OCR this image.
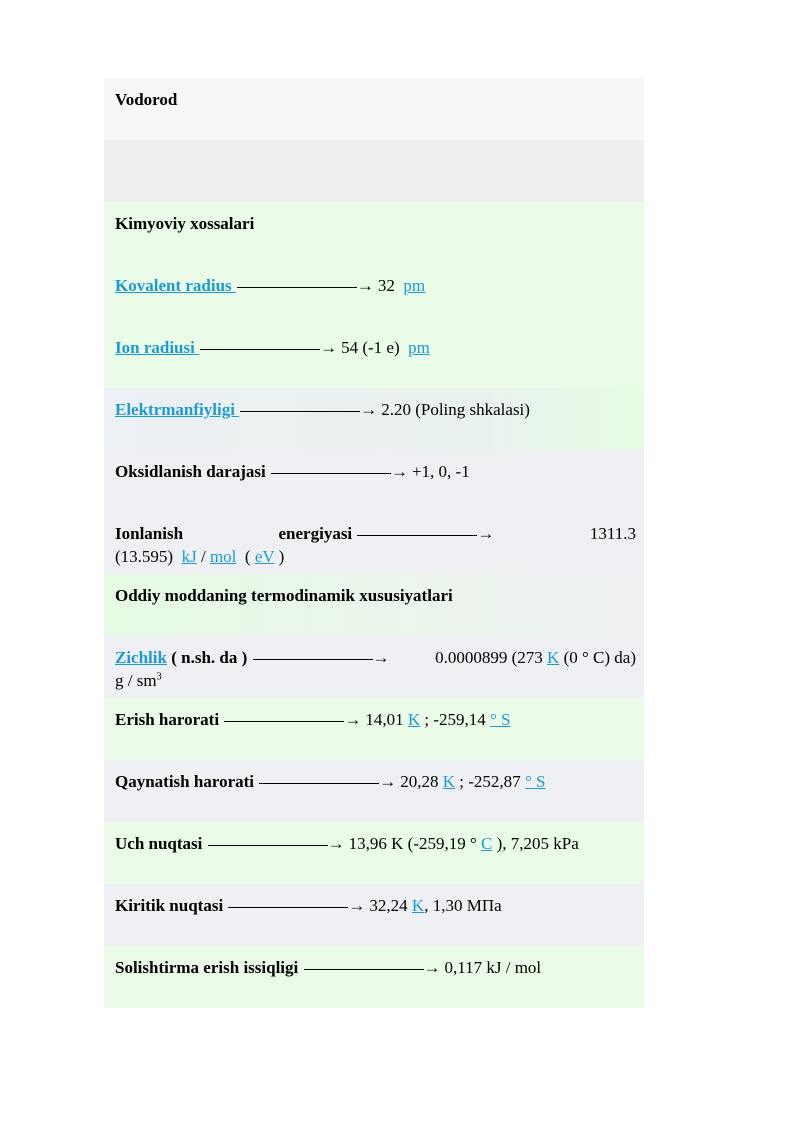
Vodorod
Kimyoviy xossalari
Kovalent radius	→ 32 pm
Ion radiusi	→ 54 (-1 e) pm
Elektrmanfiyligi	→ 2.20 (Poling shkalasi)
Oksidlanish darajasi	→ +1, 0, -1
Ionlanish	energiyasi	→	1311.3
(13.595) kJ / mol ( eV )
Oddiy moddaning termodinamik xususiyatlari
Zichlik ( n.sh. da )	→	0.0000899 (273 K (0 ° C) da)
g / $sm^3$
Erish harorati	→ 14,01 K ; -259,14 ° S
Qaynatish harorati	→ 20,28 K ; -252,87 ° S
Uch nuqtasi	→ 13,96 K (-259,19 ° C ), 7,205 kPa
Kiritik nuqtasi	→ 32,24 K, 1,30 МПа
Solishtirma erish issiqligi	→ 0,117 kJ / mol
